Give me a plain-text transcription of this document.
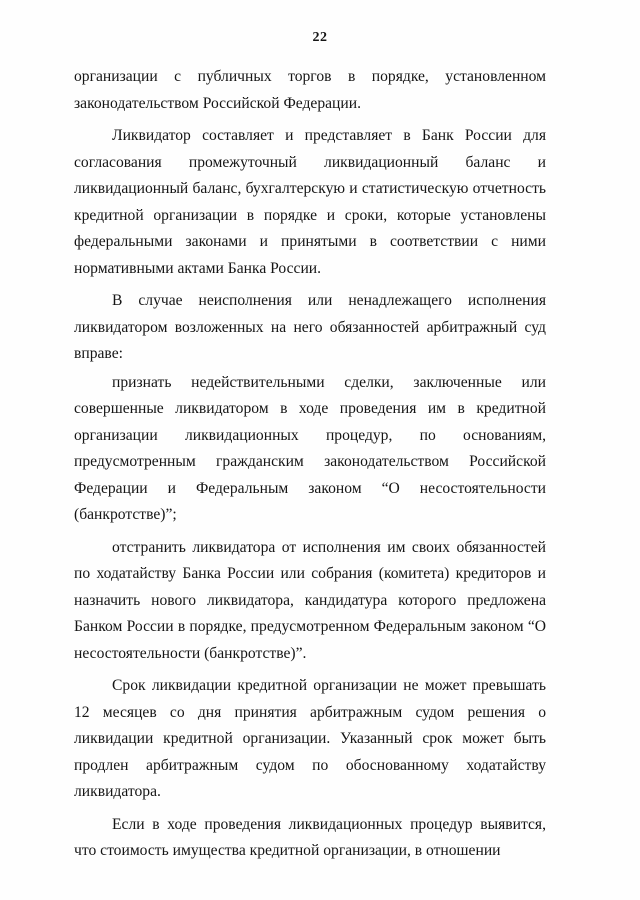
22

организации с публичных торгов в порядке, установленном законодательством Российской Федерации.

Ликвидатор составляет и представляет в Банк России для согласования промежуточный ликвидационный баланс и ликвидационный баланс, бухгалтерскую и статистическую отчетность кредитной организации в порядке и сроки, которые установлены федеральными законами и принятыми в соответствии с ними нормативными актами Банка России.

В случае неисполнения или ненадлежащего исполнения ликвидатором возложенных на него обязанностей арбитражный суд вправе:

признать недействительными сделки, заключенные или совершенные ликвидатором в ходе проведения им в кредитной организации ликвидационных процедур, по основаниям, предусмотренным гражданским законодательством Российской Федерации и Федеральным законом “О несостоятельности (банкротстве)”;

отстранить ликвидатора от исполнения им своих обязанностей по ходатайству Банка России или собрания (комитета) кредиторов и назначить нового ликвидатора, кандидатура которого предложена Банком России в порядке, предусмотренном Федеральным законом “О несостоятельности (банкротстве)”.

Срок ликвидации кредитной организации не может превышать 12 месяцев со дня принятия арбитражным судом решения о ликвидации кредитной организации. Указанный срок может быть продлен арбитражным судом по обоснованному ходатайству ликвидатора.

Если в ходе проведения ликвидационных процедур выявится, что стоимость имущества кредитной организации, в отношении
